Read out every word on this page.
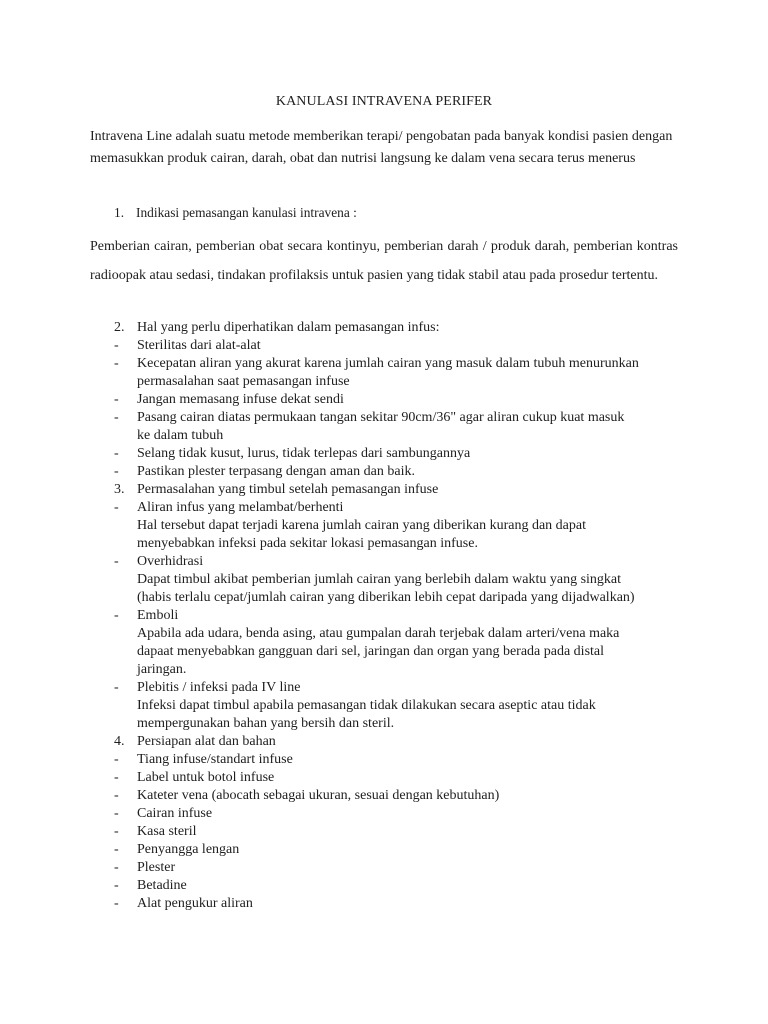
KANULASI INTRAVENA PERIFER
Intravena Line adalah suatu metode memberikan terapi/ pengobatan pada banyak kondisi pasien dengan memasukkan produk cairan, darah, obat dan nutrisi langsung ke dalam vena secara terus menerus
1. Indikasi pemasangan kanulasi intravena :
Pemberian cairan, pemberian obat secara kontinyu, pemberian darah / produk darah, pemberian kontras radioopak atau sedasi, tindakan profilaksis untuk pasien yang tidak stabil atau pada prosedur tertentu.
2. Hal yang perlu diperhatikan dalam pemasangan infus:
-	Sterilitas dari alat-alat
-	Kecepatan aliran yang akurat karena jumlah cairan yang masuk dalam tubuh menurunkan
permasalahan saat pemasangan infuse
-	Jangan memasang infuse dekat sendi
-	Pasang cairan diatas permukaan tangan sekitar 90cm/36" agar aliran cukup kuat masuk
ke dalam tubuh
-	Selang tidak kusut, lurus, tidak terlepas dari sambungannya
-	Pastikan plester terpasang dengan aman dan baik.
3. Permasalahan yang timbul setelah pemasangan infuse
-	Aliran infus yang melambat/berhenti
Hal tersebut dapat terjadi karena jumlah cairan yang diberikan kurang dan dapat
menyebabkan infeksi pada sekitar lokasi pemasangan infuse.
-	Overhidrasi
Dapat timbul akibat pemberian jumlah cairan yang berlebih dalam waktu yang singkat
(habis terlalu cepat/jumlah cairan yang diberikan lebih cepat daripada yang dijadwalkan)
-	Emboli
Apabila ada udara, benda asing, atau gumpalan darah terjebak dalam arteri/vena maka
dapaat menyebabkan gangguan dari sel, jaringan dan organ yang berada pada distal
jaringan.
-	Plebitis / infeksi pada IV line
Infeksi dapat timbul apabila pemasangan tidak dilakukan secara aseptic atau tidak
mempergunakan bahan yang bersih dan steril.
4. Persiapan alat dan bahan
-	Tiang infuse/standart infuse
-	Label untuk botol infuse
-	Kateter vena (abocath sebagai ukuran, sesuai dengan kebutuhan)
-	Cairan infuse
-	Kasa steril
-	Penyangga lengan
-	Plester
-	Betadine
-	Alat pengukur aliran
